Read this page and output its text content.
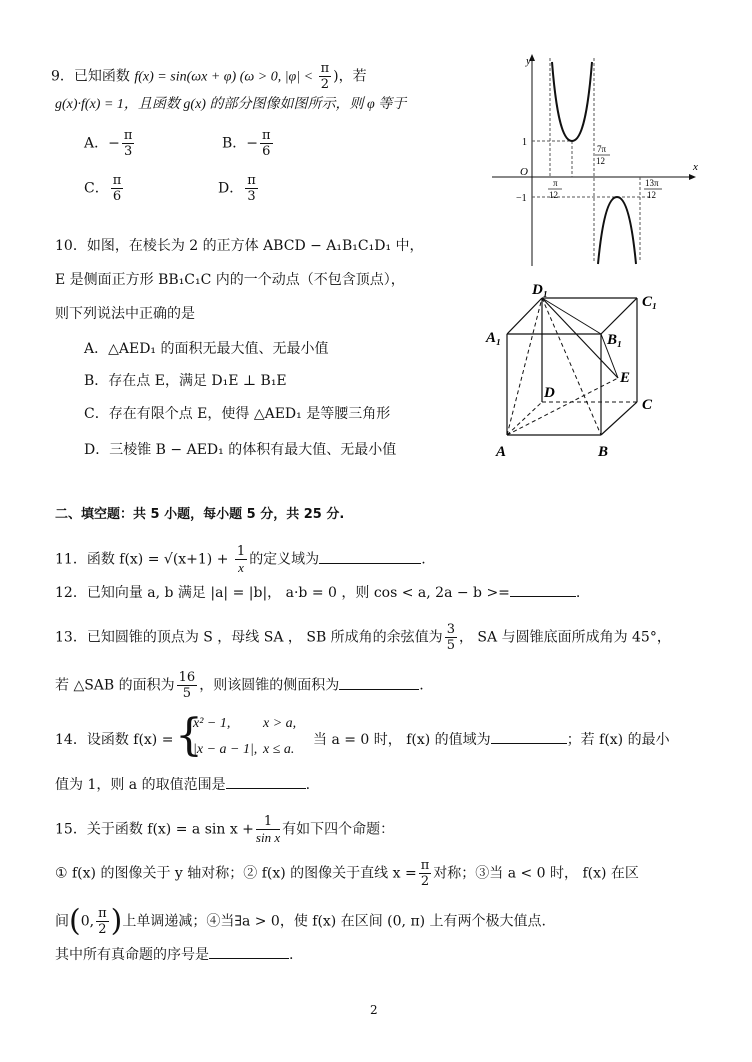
9．已知函数 f(x) = sin(ωx + φ) (ω > 0, $|\varphi| < \frac{\pi}{2}$ )，若
g(x)·f(x) = 1，且函数 g(x) 的部分图像如图所示，则 φ 等于
A．− $\frac{\pi}{3}$	B．− $\frac{\pi}{6}$
C． $\frac{\pi}{6}$	D． $\frac{\pi}{3}$
y
x
O
1
−1
π
12
7π
12
13π
12
10．如图，在棱长为 2 的正方体 ABCD − A₁B₁C₁D₁ 中，
E 是侧面正方形 BB₁C₁C 内的一个动点（不包含顶点），
则下列说法中正确的是
A．△AED₁ 的面积无最大值、无最小值
B．存在点 E，满足 D₁E ⊥ B₁E
C．存在有限个点 E，使得 △AED₁ 是等腰三角形
D．三棱锥 B − AED₁ 的体积有最大值、无最小值
D₁
C₁
A₁	B₁
D
E
C
A	B
二、填空题：共 5 小题，每小题 5 分，共 25 分.
11．函数 $f(x) = √(x+1) + \frac{1}{x}$ 的定义域为	.
12．已知向量 a, b 满足 |a| = |b|， a·b = 0 ，则 cos < a, 2a − b >=	.
13．已知圆锥的顶点为 S ，母线 SA ， SB 所成角的余弦值为 $\frac{3}{5}$ ， SA 与圆锥底面所成角为 45°，
若 △SAB 的面积为 $\frac{16}{5}$ ，则该圆锥的侧面积为	.
14．设函数 f(x) = {
x² − 1, x > a,
|x − a − 1|, x ≤ a.
当 a = 0 时， f(x) 的值域为	；若 f(x) 的最小
值为 1，则 a 的取值范围是	.
15．关于函数 f(x) = a $\sin x + \frac{1}{\text{sin x}}$ 有如下四个命题：
① f(x) 的图像关于 y 轴对称；② f(x) 的图像关于直线 $x = \frac{\pi}{2}$ 对称；③当 a < 0 时， f(x) 在区
间(0, $\frac{\pi}{2}$ )上单调递减；④当∃a > 0，使 f(x) 在区间 (0, π) 上有两个极大值点.
其中所有真命题的序号是	.
2
